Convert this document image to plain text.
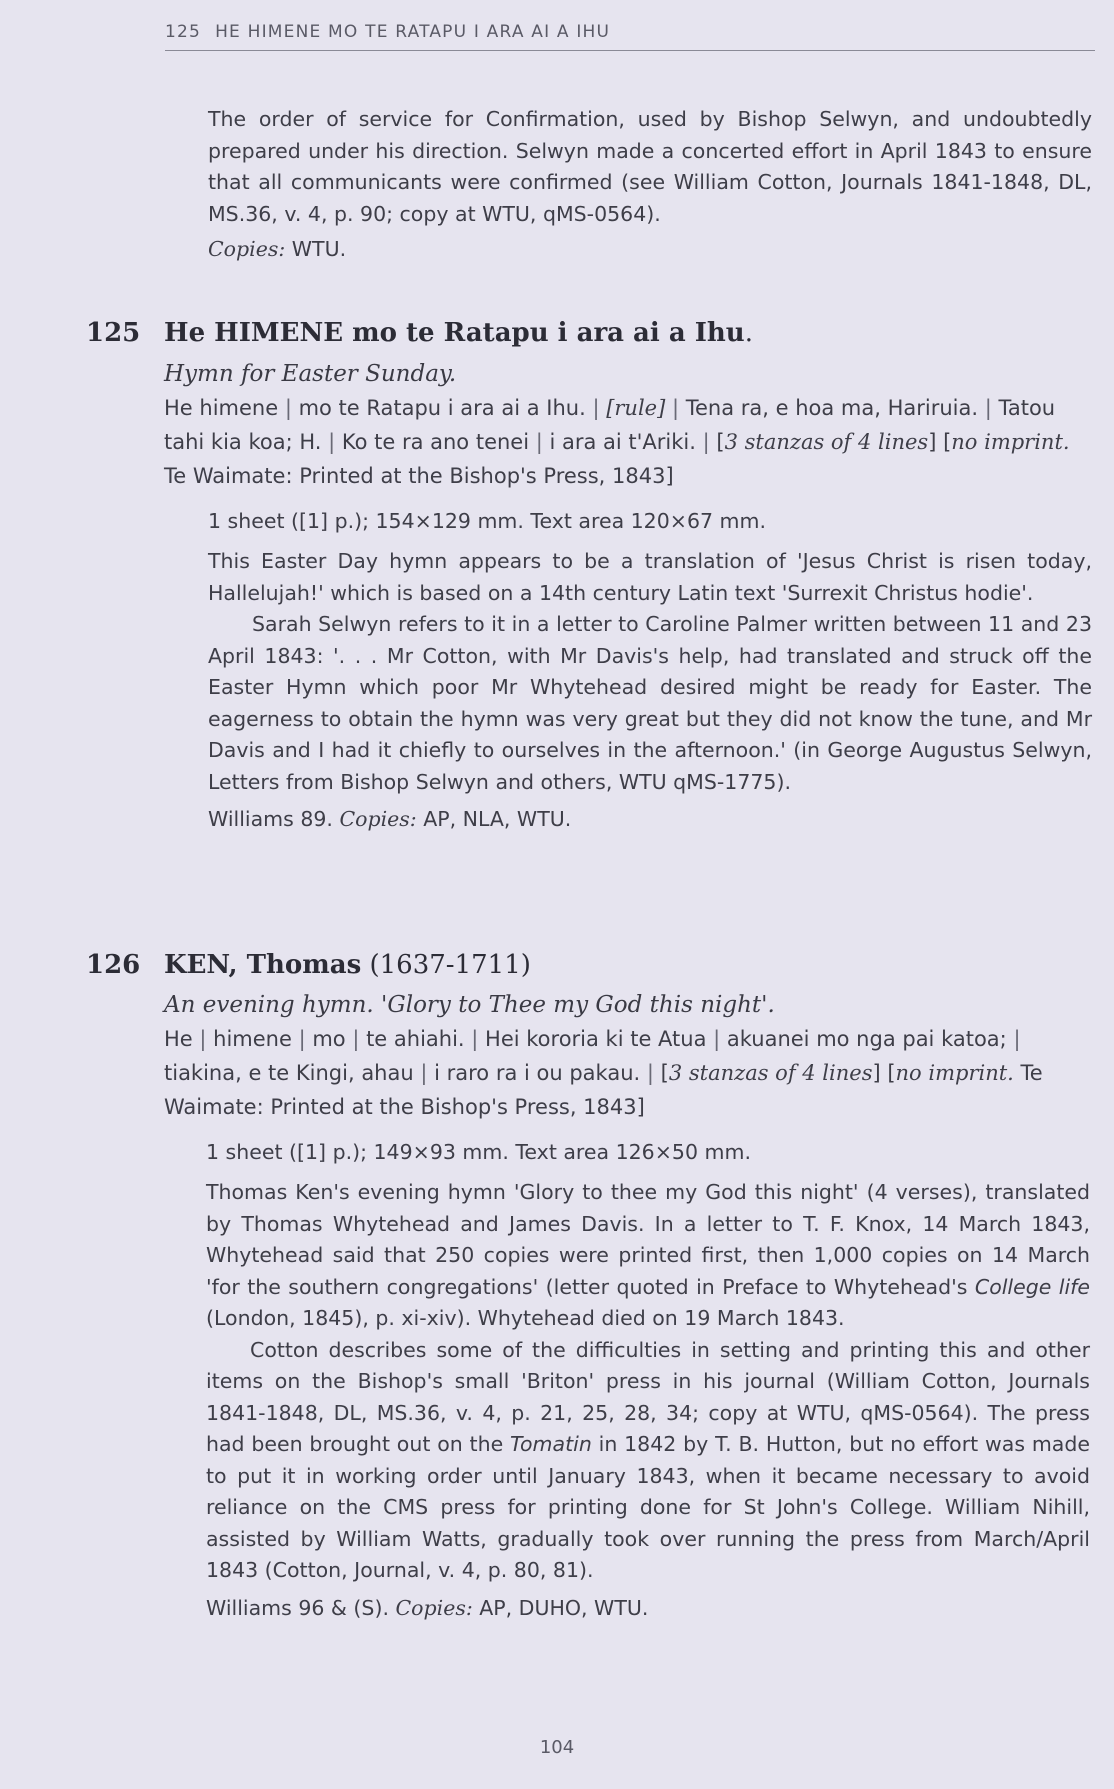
125 HE HIMENE MO TE RATAPU I ARA AI A IHU

The order of service for Confirmation, used by Bishop Selwyn, and undoubtedly prepared under his direction. Selwyn made a concerted effort in April 1843 to ensure that all communicants were confirmed (see William Cotton, Journals 1841-1848, DL, MS.36, v. 4, p. 90; copy at WTU, qMS-0564).

Copies: WTU.

125 He HIMENE mo te Ratapu i ara ai a Ihu.

Hymn for Easter Sunday.

He himene | mo te Ratapu i ara ai a Ihu. | [rule] | Tena ra, e hoa ma, Hariruia. | Tatou tahi kia koa; H. | Ko te ra ano tenei | i ara ai t'Ariki. | [3 stanzas of 4 lines] [no imprint. Te Waimate: Printed at the Bishop's Press, 1843]

1 sheet ([1] p.); 154×129 mm. Text area 120×67 mm.

This Easter Day hymn appears to be a translation of 'Jesus Christ is risen today, Hallelujah!' which is based on a 14th century Latin text 'Surrexit Christus hodie'.

Sarah Selwyn refers to it in a letter to Caroline Palmer written between 11 and 23 April 1843: '. . . Mr Cotton, with Mr Davis's help, had translated and struck off the Easter Hymn which poor Mr Whytehead desired might be ready for Easter. The eagerness to obtain the hymn was very great but they did not know the tune, and Mr Davis and I had it chiefly to ourselves in the afternoon.' (in George Augustus Selwyn, Letters from Bishop Selwyn and others, WTU qMS-1775).

Williams 89. Copies: AP, NLA, WTU.

126 KEN, Thomas (1637-1711)

An evening hymn. 'Glory to Thee my God this night'.

He | himene | mo | te ahiahi. | Hei kororia ki te Atua | akuanei mo nga pai katoa; | tiakina, e te Kingi, ahau | i raro ra i ou pakau. | [3 stanzas of 4 lines] [no imprint. Te Waimate: Printed at the Bishop's Press, 1843]

1 sheet ([1] p.); 149×93 mm. Text area 126×50 mm.

Thomas Ken's evening hymn 'Glory to thee my God this night' (4 verses), translated by Thomas Whytehead and James Davis. In a letter to T. F. Knox, 14 March 1843, Whytehead said that 250 copies were printed first, then 1,000 copies on 14 March 'for the southern congregations' (letter quoted in Preface to Whytehead's College life (London, 1845), p. xi-xiv). Whytehead died on 19 March 1843.

Cotton describes some of the difficulties in setting and printing this and other items on the Bishop's small 'Briton' press in his journal (William Cotton, Journals 1841-1848, DL, MS.36, v. 4, p. 21, 25, 28, 34; copy at WTU, qMS-0564). The press had been brought out on the Tomatin in 1842 by T. B. Hutton, but no effort was made to put it in working order until January 1843, when it became necessary to avoid reliance on the CMS press for printing done for St John's College. William Nihill, assisted by William Watts, gradually took over running the press from March/April 1843 (Cotton, Journal, v. 4, p. 80, 81).

Williams 96 & (S). Copies: AP, DUHO, WTU.

104
